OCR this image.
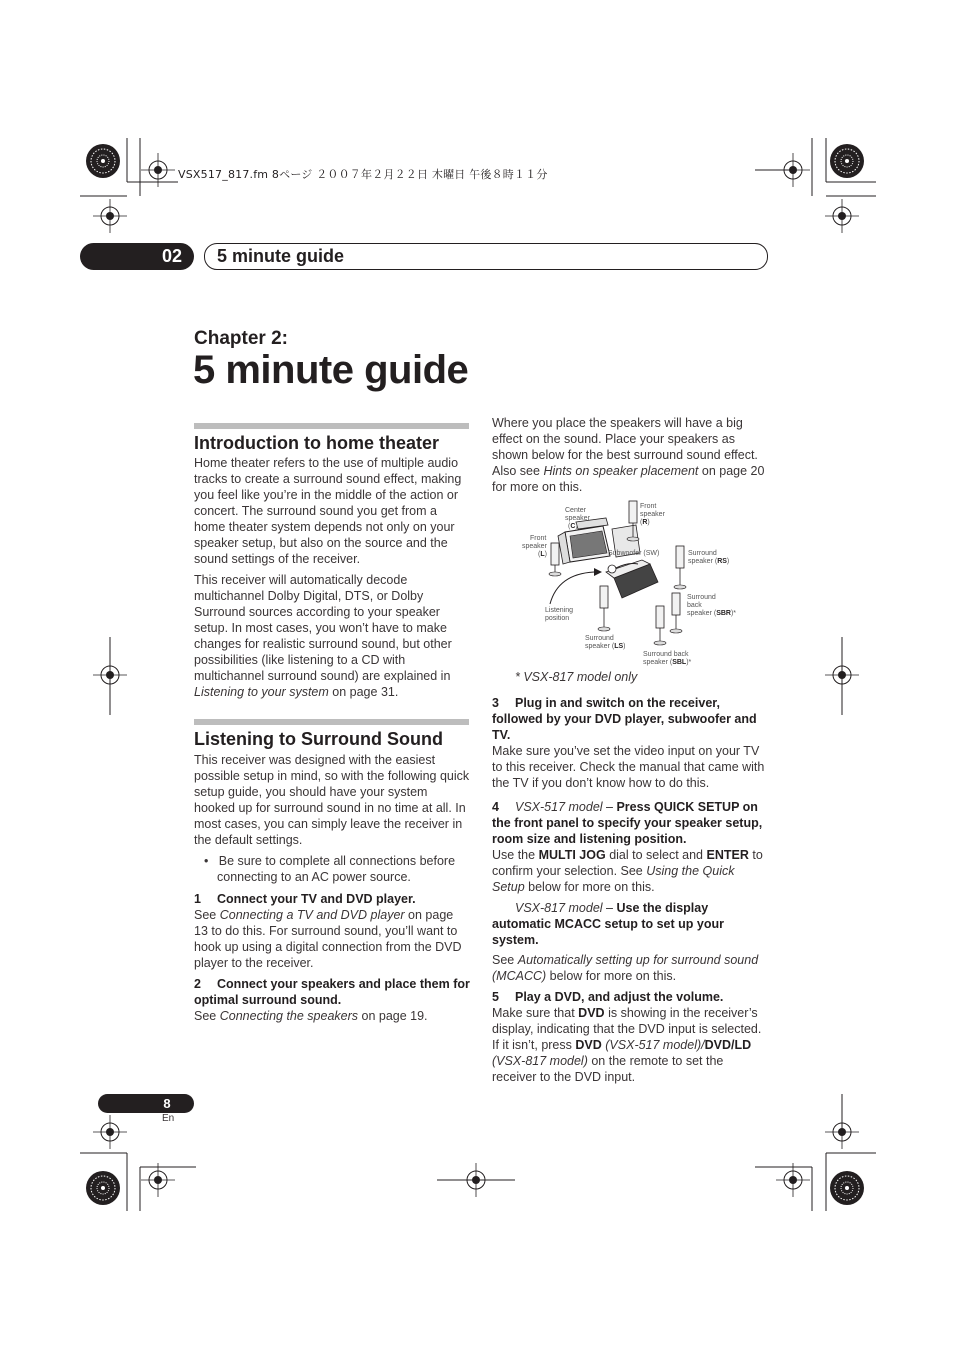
VSX517_817.fm 8ページ ２００７年２月２２日 木曜日 午後８時１１分
02	5 minute guide
Chapter 2:
5 minute guide
Introduction to home theater

Home theater refers to the use of multiple audio tracks to create a surround sound effect, making you feel like you’re in the middle of the action or concert. The surround sound you get from a home theater system depends not only on your speaker setup, but also on the source and the sound settings of the receiver.

This receiver will automatically decode multichannel Dolby Digital, DTS, or Dolby Surround sources according to your speaker setup. In most cases, you won’t have to make changes for realistic surround sound, but other possibilities (like listening to a CD with multichannel surround sound) are explained in Listening to your system on page 31.

Listening to Surround Sound

This receiver was designed with the easiest possible setup in mind, so with the following quick setup guide, you should have your system hooked up for surround sound in no time at all. In most cases, you can simply leave the receiver in the default settings.

•   Be sure to complete all connections before connecting to an AC power source.

1 Connect your TV and DVD player.

See Connecting a TV and DVD player on page 13 to do this. For surround sound, you’ll want to hook up using a digital connection from the DVD player to the receiver.

2 Connect your speakers and place them for optimal surround sound.

See Connecting the speakers on page 19.

Where you place the speakers will have a big effect on the sound. Place your speakers as shown below for the best surround sound effect. Also see Hints on speaker placement on page 20 for more on this.

Center
speaker
(C)
Front
speaker
(L)
Front
speaker
(R)
Subwoofer (SW)	Surround
speaker (RS)
Listening
position
Surround
back
speaker (SBR)*
Surround
speaker (LS)
Surround back
speaker (SBL)*
* VSX-817 model only

3 Plug in and switch on the receiver, followed by your DVD player, subwoofer and TV.

Make sure you’ve set the video input on your TV to this receiver. Check the manual that came with the TV if you don’t know how to do this.

4 VSX-517 model – Press QUICK SETUP on the front panel to specify your speaker setup, room size and listening position.

Use the MULTI JOG dial to select and ENTER to confirm your selection. See Using the Quick Setup below for more on this.

VSX-817 model – Use the display automatic MCACC setup to set up your system.

See Automatically setting up for surround sound (MCACC) below for more on this.

5 Play a DVD, and adjust the volume.

Make sure that DVD is showing in the receiver’s display, indicating that the DVD input is selected. If it isn’t, press DVD (VSX-517 model)/DVD/LD (VSX-817 model) on the remote to set the receiver to the DVD input.

8
En
